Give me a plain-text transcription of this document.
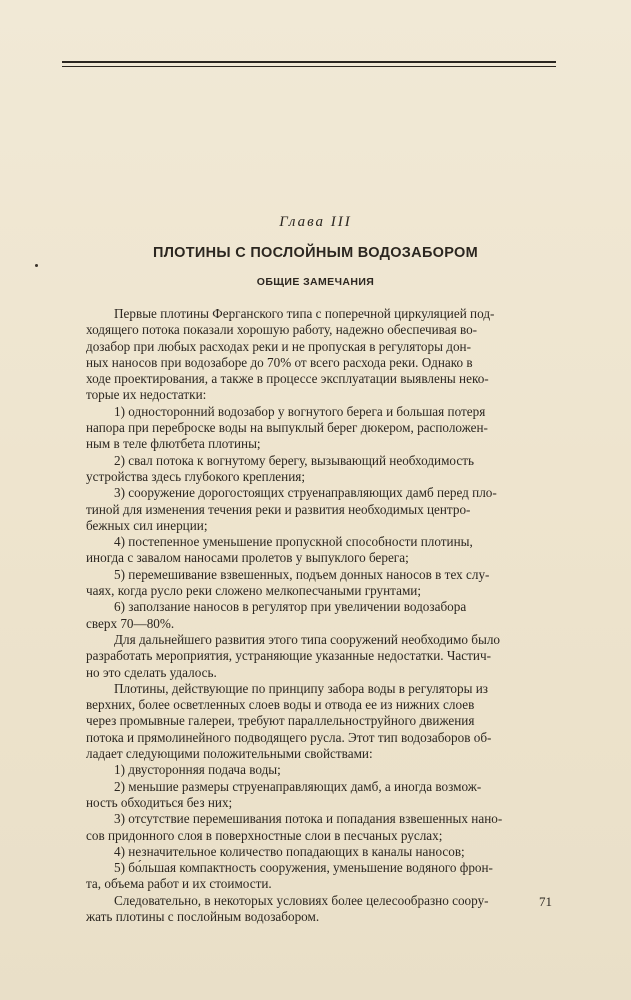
Глава III
ПЛОТИНЫ С ПОСЛОЙНЫМ ВОДОЗАБОРОМ
ОБЩИЕ ЗАМЕЧАНИЯ
Первые плотины Ферганского типа с поперечной циркуляцией под-
ходящего потока показали хорошую работу, надежно обеспечивая во-
дозабор при любых расходах реки и не пропуская в регуляторы дон-
ных наносов при водозаборе до 70% от всего расхода реки. Однако в
ходе проектирования, а также в процессе эксплуатации выявлены неко-
торые их недостатки:
1) односторонний водозабор у вогнутого берега и большая потеря
напора при переброске воды на выпуклый берег дюкером, расположен-
ным в теле флютбета плотины;
2) свал потока к вогнутому берегу, вызывающий необходимость
устройства здесь глубокого крепления;
3) сооружение дорогостоящих струенаправляющих дамб перед пло-
тиной для изменения течения реки и развития необходимых центро-
бежных сил инерции;
4) постепенное уменьшение пропускной способности плотины,
иногда с завалом наносами пролетов у выпуклого берега;
5) перемешивание взвешенных, подъем донных наносов в тех слу-
чаях, когда русло реки сложено мелкопесчаными грунтами;
6) заползание наносов в регулятор при увеличении водозабора
сверх 70—80%.
Для дальнейшего развития этого типа сооружений необходимо было
разработать мероприятия, устраняющие указанные недостатки. Частич-
но это сделать удалось.
Плотины, действующие по принципу забора воды в регуляторы из
верхних, более осветленных слоев воды и отвода ее из нижних слоев
через промывные галереи, требуют параллельноструйного движения
потока и прямолинейного подводящего русла. Этот тип водозаборов об-
ладает следующими положительными свойствами:
1) двусторонняя подача воды;
2) меньшие размеры струенаправляющих дамб, а иногда возмож-
ность обходиться без них;
3) отсутствие перемешивания потока и попадания взвешенных нано-
сов придонного слоя в поверхностные слои в песчаных руслах;
4) незначительное количество попадающих в каналы наносов;
5) бо́льшая компактность сооружения, уменьшение водяного фрон-
та, объема работ и их стоимости.
Следовательно, в некоторых условиях более целесообразно соору-
жать плотины с послойным водозабором.
71
